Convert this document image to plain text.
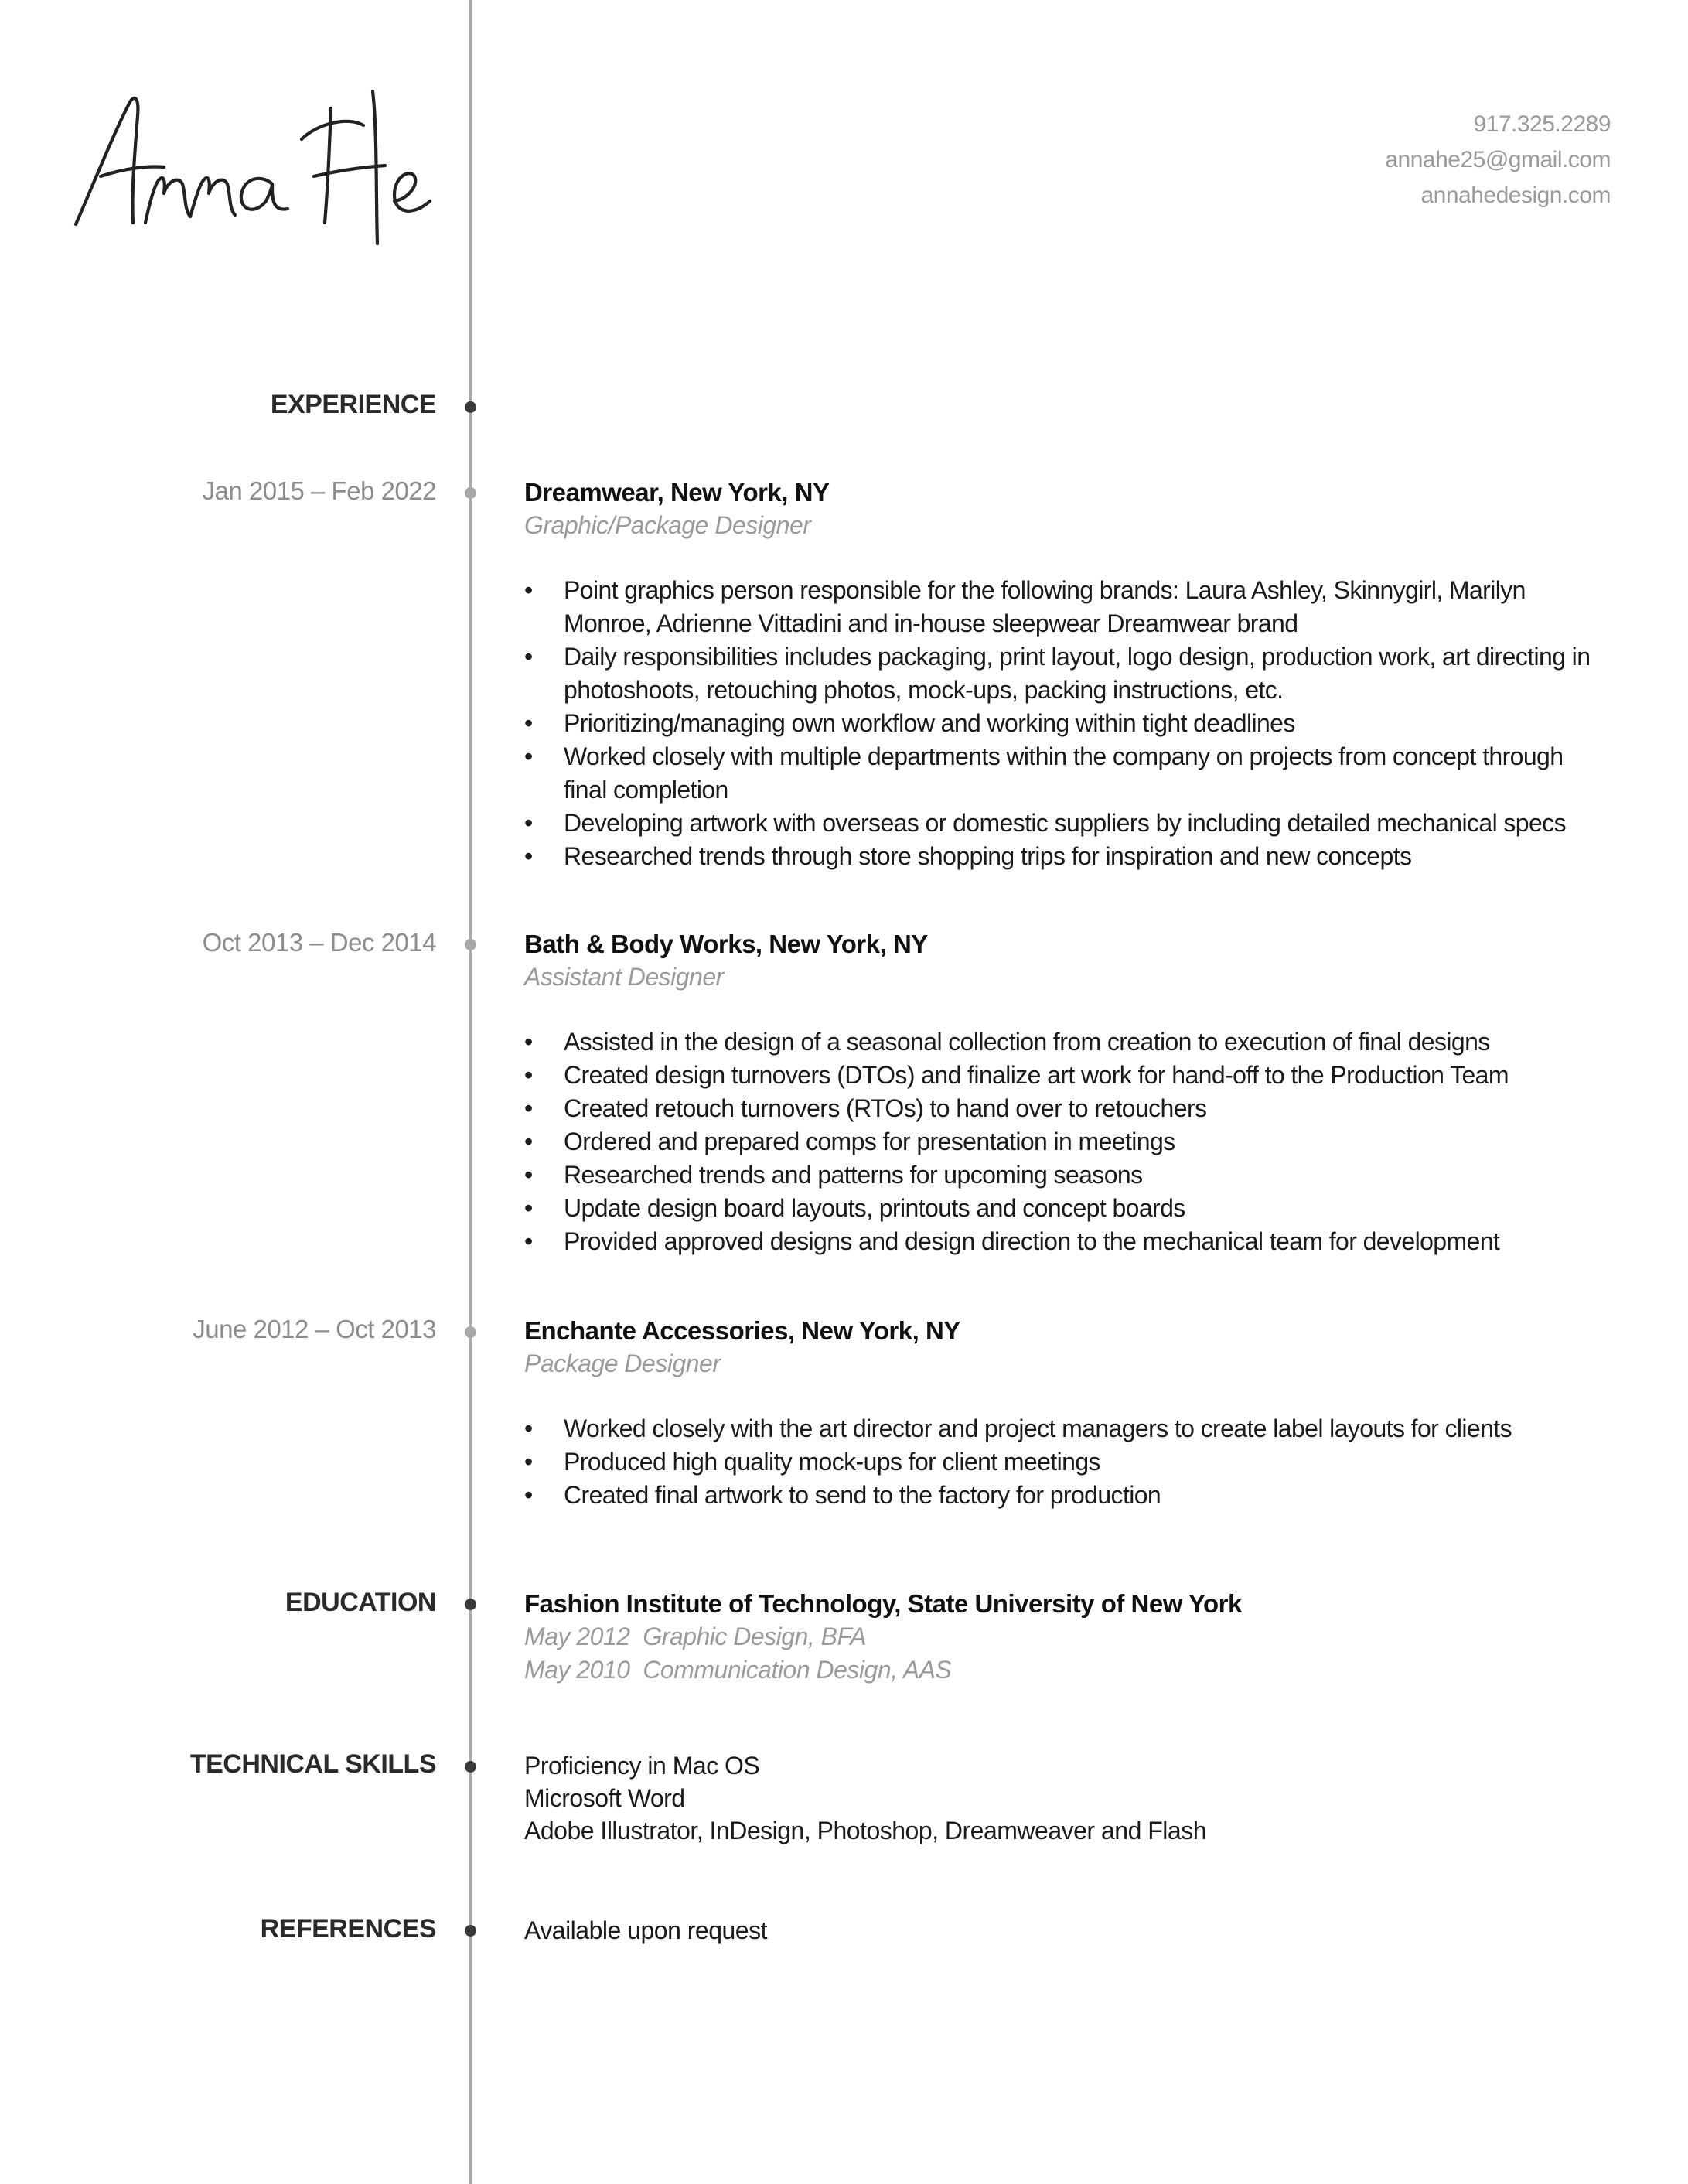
917.325.2289
annahe25@gmail.com
annahedesign.com
EXPERIENCE
Jan 2015 – Feb 2022
Oct 2013 – Dec 2014
June 2012 – Oct 2013
EDUCATION
TECHNICAL SKILLS
REFERENCES
Dreamwear, New York, NY
Graphic/Package Designer
• Point graphics person responsible for the following brands: Laura Ashley, Skinnygirl, Marilyn Monroe, Adrienne Vittadini and in-house sleepwear Dreamwear brand
• Daily responsibilities includes packaging, print layout, logo design, production work, art directing in photoshoots, retouching photos, mock-ups, packing instructions, etc.
• Prioritizing/managing own workflow and working within tight deadlines
• Worked closely with multiple departments within the company on projects from concept through final completion
• Developing artwork with overseas or domestic suppliers by including detailed mechanical specs
• Researched trends through store shopping trips for inspiration and new concepts
Bath & Body Works, New York, NY
Assistant Designer
• Assisted in the design of a seasonal collection from creation to execution of final designs
• Created design turnovers (DTOs) and finalize art work for hand-off to the Production Team
• Created retouch turnovers (RTOs) to hand over to retouchers
• Ordered and prepared comps for presentation in meetings
• Researched trends and patterns for upcoming seasons
• Update design board layouts, printouts and concept boards
• Provided approved designs and design direction to the mechanical team for development
Enchante Accessories, New York, NY
Package Designer
• Worked closely with the art director and project managers to create label layouts for clients
• Produced high quality mock-ups for client meetings
• Created final artwork to send to the factory for production
Fashion Institute of Technology, State University of New York
May 2012  Graphic Design, BFA
May 2010  Communication Design, AAS
Proficiency in Mac OS
Microsoft Word
Adobe Illustrator, InDesign, Photoshop, Dreamweaver and Flash
Available upon request
